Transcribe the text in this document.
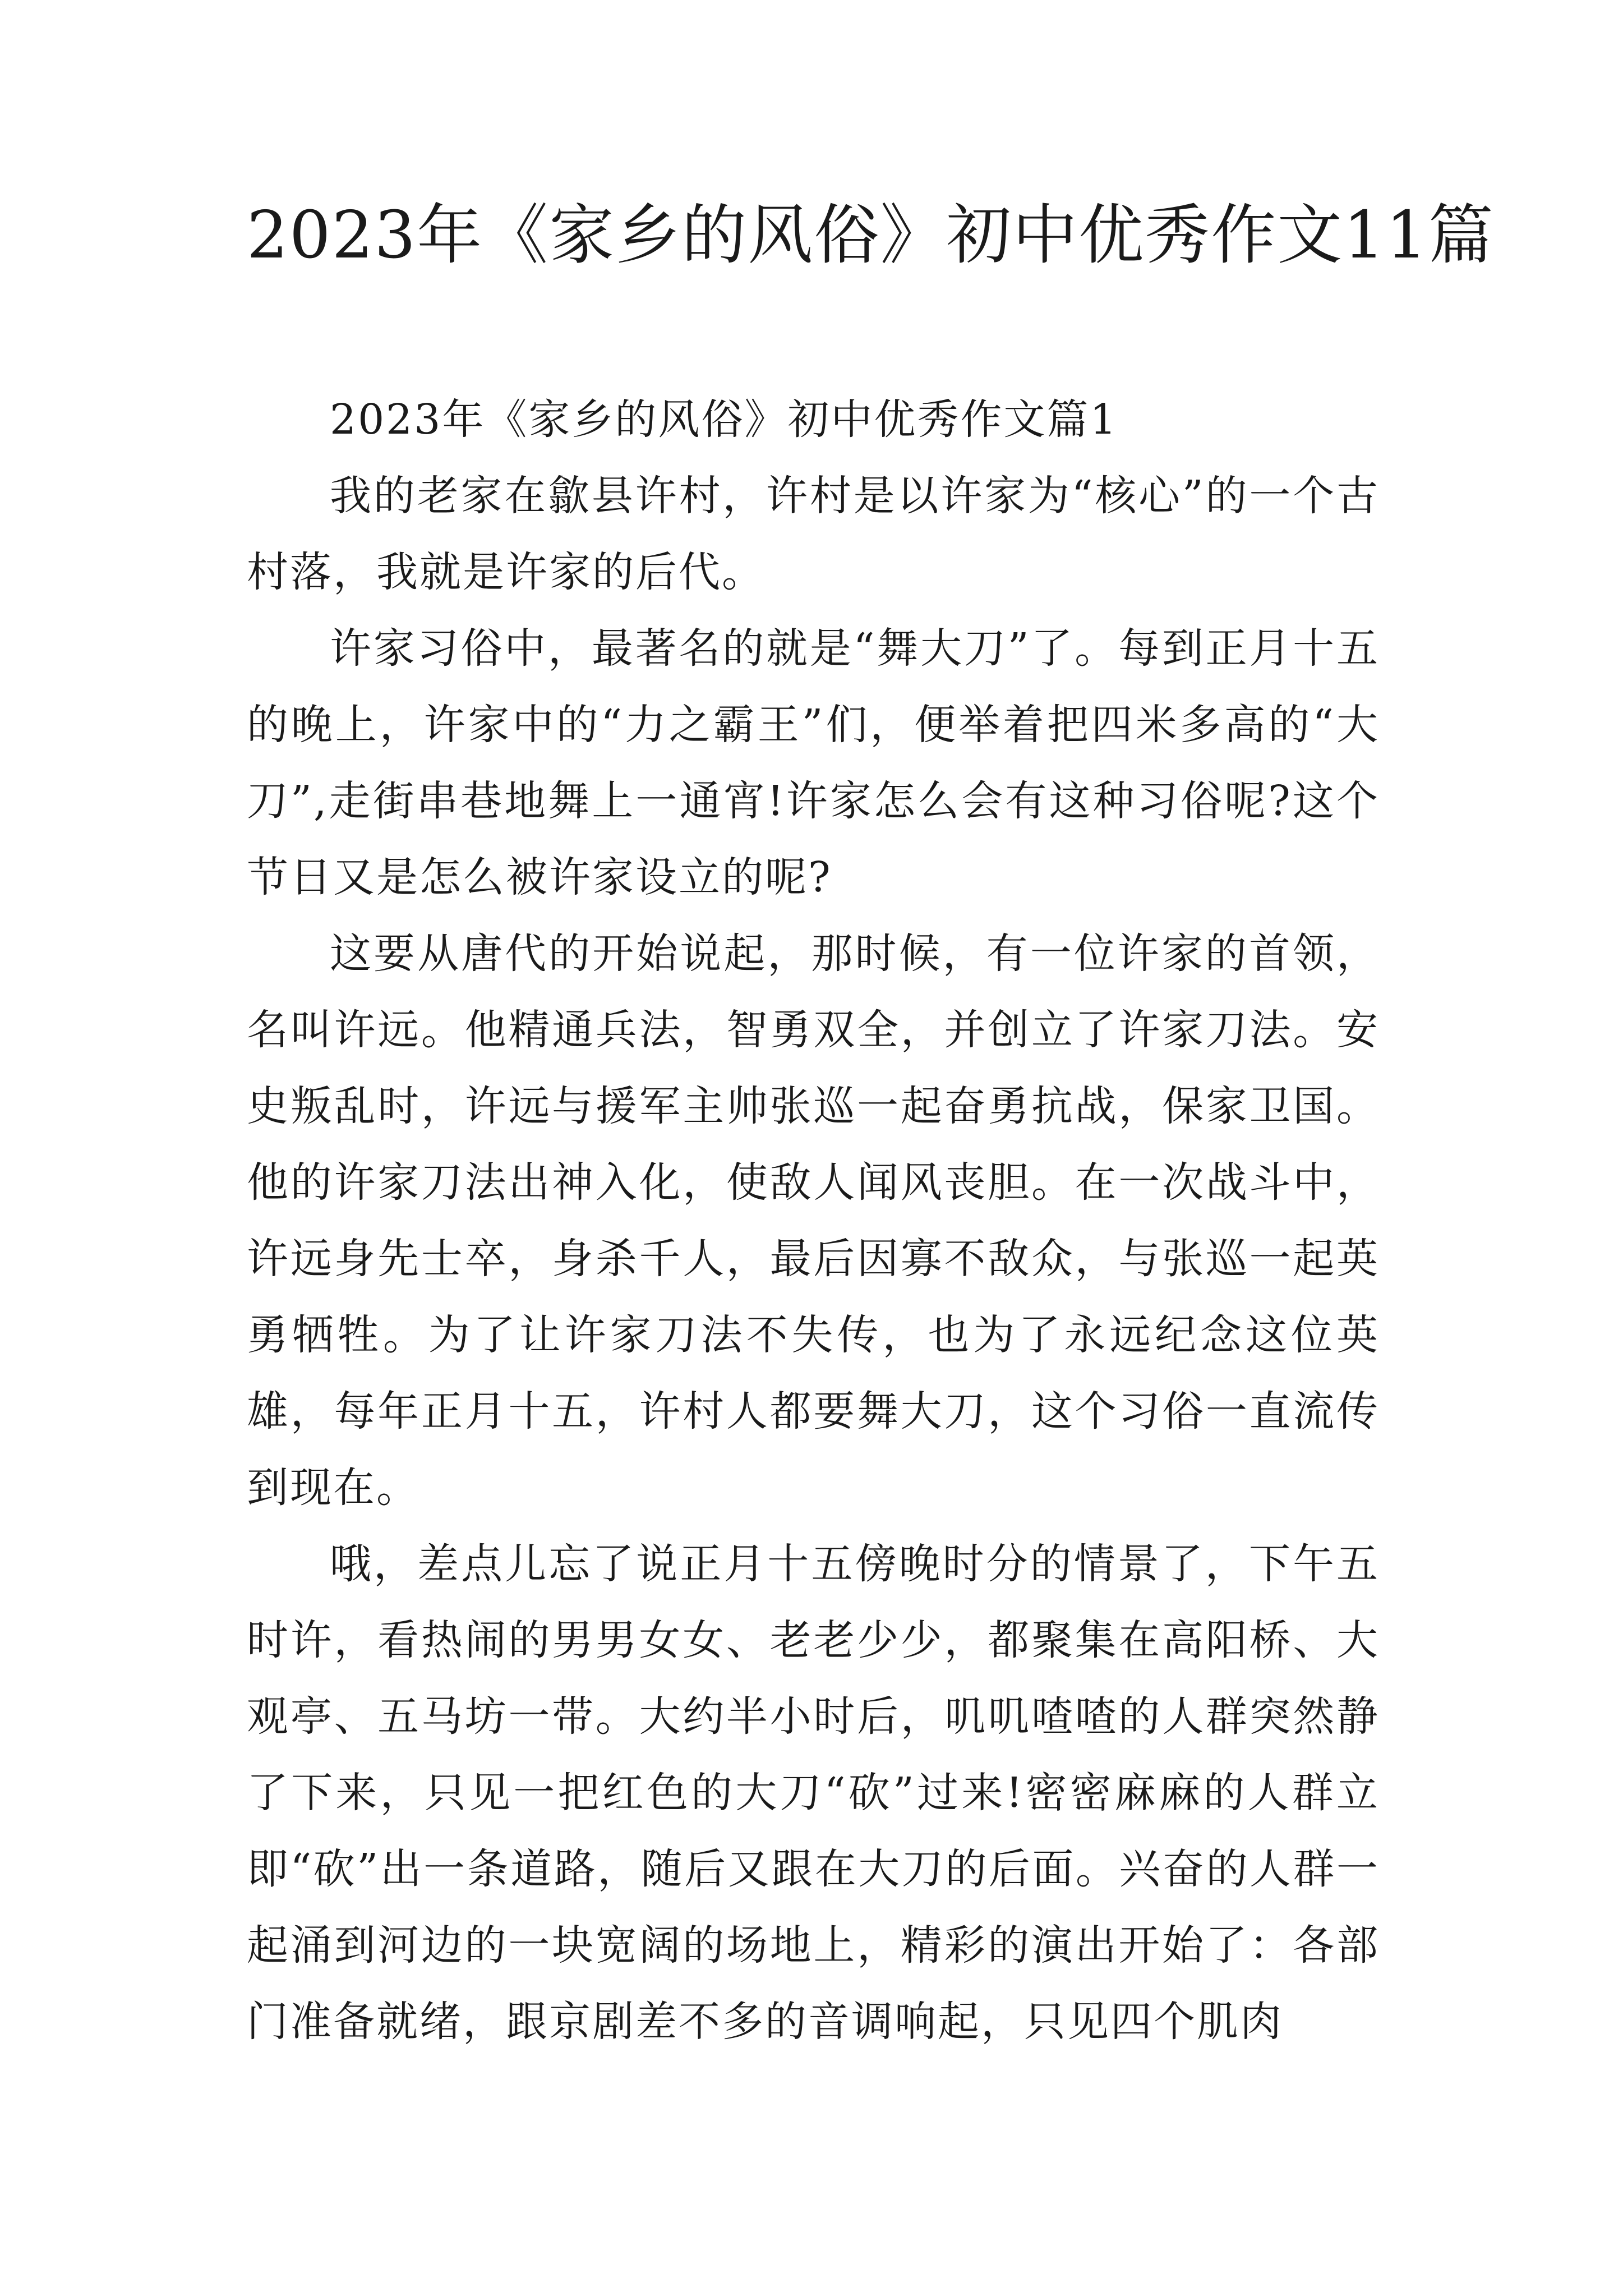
2023年《家乡的风俗》初中优秀作文11篇

2023年《家乡的风俗》初中优秀作文篇1

我的老家在歙县许村，许村是以许家为“核心”的一个古村落，我就是许家的后代。

许家习俗中，最著名的就是“舞大刀”了。每到正月十五的晚上，许家中的“力之霸王”们，便举着把四米多高的“大刀”,走街串巷地舞上一通宵!许家怎么会有这种习俗呢?这个节日又是怎么被许家设立的呢?

这要从唐代的开始说起，那时候，有一位许家的首领，名叫许远。他精通兵法，智勇双全，并创立了许家刀法。安史叛乱时，许远与援军主帅张巡一起奋勇抗战，保家卫国。他的许家刀法出神入化，使敌人闻风丧胆。在一次战斗中，许远身先士卒，身杀千人，最后因寡不敌众，与张巡一起英勇牺牲。为了让许家刀法不失传，也为了永远纪念这位英雄，每年正月十五，许村人都要舞大刀，这个习俗一直流传到现在。

哦，差点儿忘了说正月十五傍晚时分的情景了，下午五时许，看热闹的男男女女、老老少少，都聚集在高阳桥、大观亭、五马坊一带。大约半小时后，叽叽喳喳的人群突然静了下来，只见一把红色的大刀“砍”过来!密密麻麻的人群立即“砍”出一条道路，随后又跟在大刀的后面。兴奋的人群一起涌到河边的一块宽阔的场地上，精彩的演出开始了：各部门准备就绪，跟京剧差不多的音调响起，只见四个肌肉
